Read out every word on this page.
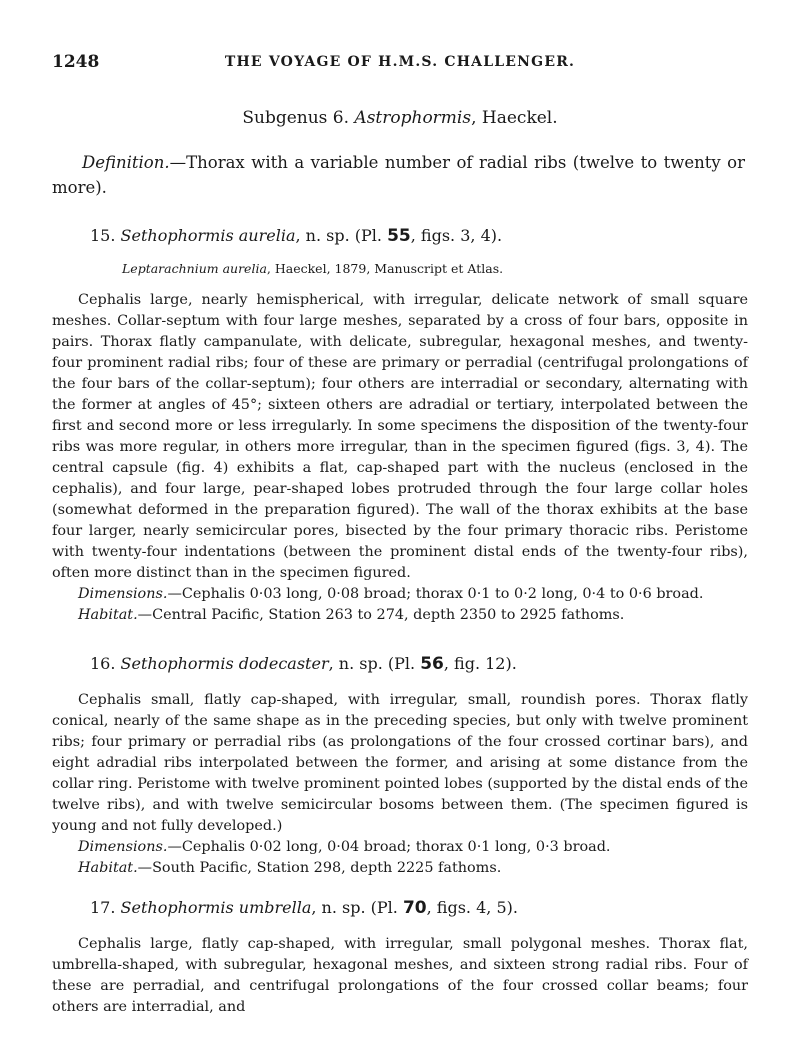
1248	THE VOYAGE OF H.M.S. CHALLENGER.
Subgenus 6. Astrophormis, Haeckel.
Definition.—Thorax with a variable number of radial ribs (twelve to twenty or more).
15. Sethophormis aurelia, n. sp. (Pl. 55, figs. 3, 4).
Leptarachnium aurelia, Haeckel, 1879, Manuscript et Atlas.

Cephalis large, nearly hemispherical, with irregular, delicate network of small square meshes. Collar-septum with four large meshes, separated by a cross of four bars, opposite in pairs. Thorax flatly campanulate, with delicate, subregular, hexagonal meshes, and twenty-four prominent radial ribs; four of these are primary or perradial (centrifugal prolongations of the four bars of the collar-septum); four others are interradial or secondary, alternating with the former at angles of 45°; sixteen others are adradial or tertiary, interpolated between the first and second more or less irregularly. In some specimens the disposition of the twenty-four ribs was more regular, in others more irregular, than in the specimen figured (figs. 3, 4). The central capsule (fig. 4) exhibits a flat, cap-shaped part with the nucleus (enclosed in the cephalis), and four large, pear-shaped lobes protruded through the four large collar holes (somewhat deformed in the preparation figured). The wall of the thorax exhibits at the base four larger, nearly semicircular pores, bisected by the four primary thoracic ribs. Peristome with twenty-four indentations (between the prominent distal ends of the twenty-four ribs), often more distinct than in the specimen figured.

Dimensions.—Cephalis 0·03 long, 0·08 broad; thorax 0·1 to 0·2 long, 0·4 to 0·6 broad.

Habitat.—Central Pacific, Station 263 to 274, depth 2350 to 2925 fathoms.

16. Sethophormis dodecaster, n. sp. (Pl. 56, fig. 12).

Cephalis small, flatly cap-shaped, with irregular, small, roundish pores. Thorax flatly conical, nearly of the same shape as in the preceding species, but only with twelve prominent ribs; four primary or perradial ribs (as prolongations of the four crossed cortinar bars), and eight adradial ribs interpolated between the former, and arising at some distance from the collar ring. Peristome with twelve prominent pointed lobes (supported by the distal ends of the twelve ribs), and with twelve semicircular bosoms between them. (The specimen figured is young and not fully developed.)

Dimensions.—Cephalis 0·02 long, 0·04 broad; thorax 0·1 long, 0·3 broad.

Habitat.—South Pacific, Station 298, depth 2225 fathoms.

17. Sethophormis umbrella, n. sp. (Pl. 70, figs. 4, 5).

Cephalis large, flatly cap-shaped, with irregular, small polygonal meshes. Thorax flat, umbrella-shaped, with subregular, hexagonal meshes, and sixteen strong radial ribs. Four of these are perradial, and centrifugal prolongations of the four crossed collar beams; four others are interradial, and
